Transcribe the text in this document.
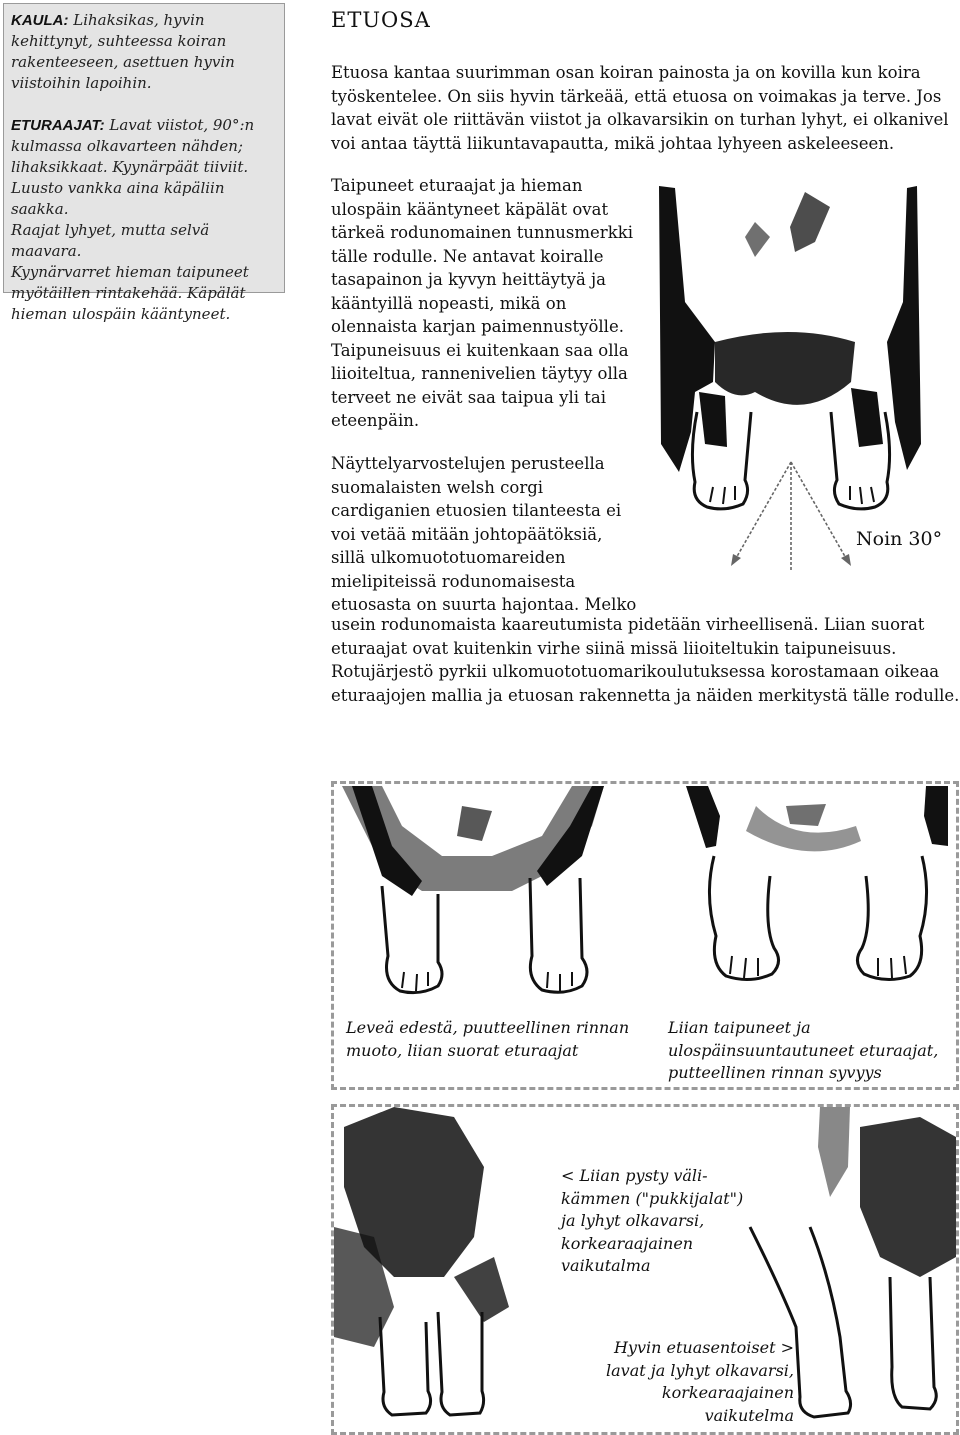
KAULA: Lihaksikas, hyvin
kehittynyt, suhteessa koiran
rakenteeseen, asettuen hyvin
viistoihin lapoihin.

ETURAAJAT: Lavat viistot, 90°:n
kulmassa olkavarteen nähden;
lihaksikkaat. Kyynärpäät tiiviit.
Luusto vankka aina käpäliin saakka.
Raajat lyhyet, mutta selvä maavara.
Kyynärvarret hieman taipuneet
myötäillen rintakehää. Käpälät
hieman ulospäin kääntyneet.

ETUOSA

Etuosa kantaa suurimman osan koiran painosta ja on kovilla kun koira
työskentelee. On siis hyvin tärkeää, että etuosa on voimakas ja terve. Jos
lavat eivät ole riittävän viistot ja olkavarsikin on turhan lyhyt, ei olkanivel
voi antaa täyttä liikuntavapautta, mikä johtaa lyhyeen askeleeseen.

Taipuneet eturaajat ja hieman
ulospäin kääntyneet käpälät ovat
tärkeä rodunomainen tunnusmerkki
tälle rodulle. Ne antavat koiralle
tasapainon ja kyvyn heittäytyä ja
kääntyillä nopeasti, mikä on
olennaista karjan paimennustyölle.
Taipuneisuus ei kuitenkaan saa olla
liioiteltua, rannenivelien täytyy olla
terveet ne eivät saa taipua yli tai
eteenpäin.

Näyttelyarvostelujen perusteella
suomalaisten welsh corgi
cardiganien etuosien tilanteesta ei
voi vetää mitään johtopäätöksiä,
sillä ulkomuototuomareiden
mielipiteissä rodunomaisesta
etuosasta on suurta hajontaa. Melko

usein rodunomaista kaareutumista pidetään virheellisenä. Liian suorat
eturaajat ovat kuitenkin virhe siinä missä liioiteltukin taipuneisuus.
Rotujärjestö pyrkii ulkomuototuomarikoulutuksessa korostamaan oikeaa
eturaajojen mallia ja etuosan rakennetta ja näiden merkitystä tälle rodulle.

Noin 30°

Leveä edestä, puutteellinen rinnan
muoto, liian suorat eturaajat

Liian taipuneet ja
ulospäinsuuntautuneet eturaajat,
putteellinen rinnan syvyys

< Liian pysty väli-
kämmen ("pukkijalat")
ja lyhyt olkavarsi,
korkearaajainen
vaikutalma

Hyvin etuasentoiset >
lavat ja lyhyt olkavarsi,
korkearaajainen vaikutelma
